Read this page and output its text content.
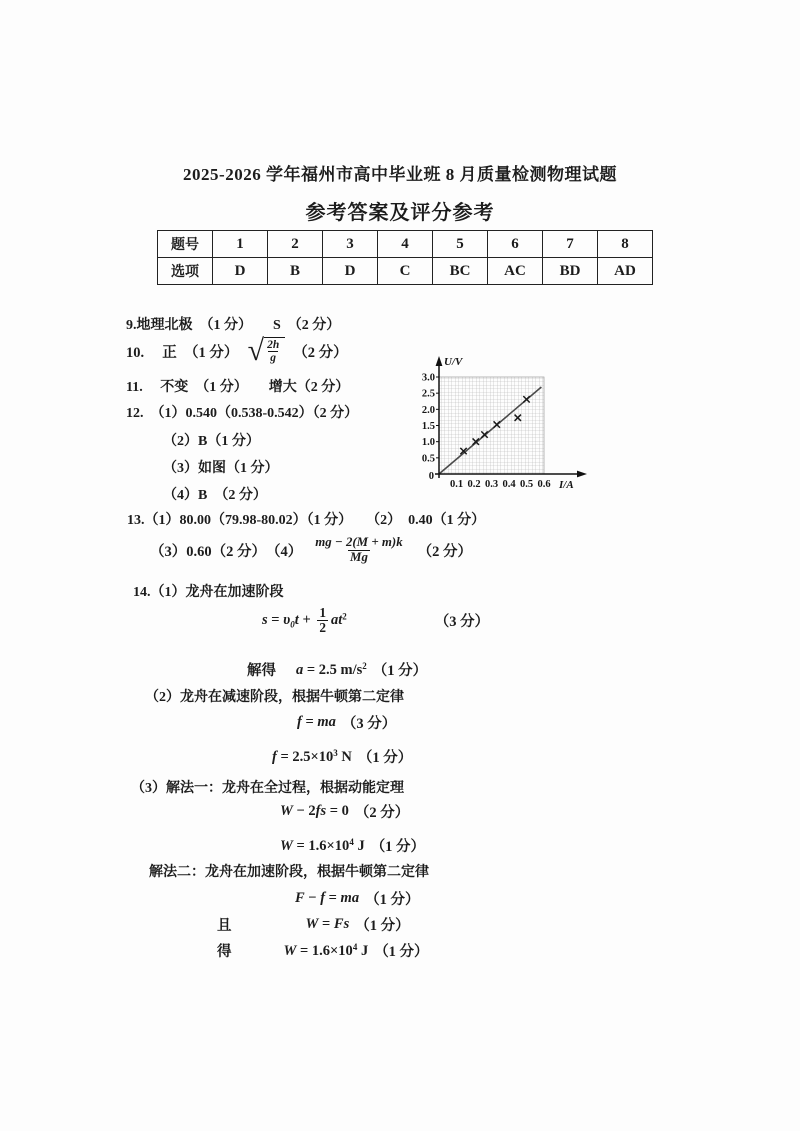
2025-2026 学年福州市高中毕业班 8 月质量检测物理试题
参考答案及评分参考
题号	1	2	3	4	5	6	7	8
选项	D	B	D	C	BC	AC	BD	AD
9.地理北极　（1 分）　　S　（2 分）
10.　 正　（1 分）　 √ $\frac{2h}{g} (2$ 分）
11.　 不变　（1 分）　　增大（2 分）
12.　（1）0.540（0.538-0.542）（2 分）
（2）B（1 分）
（3）如图（1 分）
（4）B　（2 分）
0.5
1.0
1.5
2.0
2.5
3.0
0
0.1 0.2 0.3 0.4 0.5 0.6
U/V
I/A
13.（1）80.00（79.98-80.02）（1 分）　　（2）　0.40（1 分）
（3）0.60（2 分）　$(4) \frac{mg - 2(M + m)k}{Mg} (2$ 分）
14.（1）龙舟在加速阶段
$s = \upsilon_0t + \frac{1}{2} at^2$	（3 分）
解得 a = 2.5 $m/s^2$ （1 分）
（2）龙舟在减速阶段，根据牛顿第二定律
f = ma （3 分）
$f = 2.5\times 10^3$ N （1 分）
（3）解法一：龙舟在全过程，根据动能定理
W − 2fs = 0 （2 分）
$W = 1.6\times 10^4$ J （1 分）
解法二：龙舟在加速阶段，根据牛顿第二定律
F − f = ma （1 分）
且	W = Fs （1 分）
得	$W = 1.6\times 10^4$ J （1 分）
